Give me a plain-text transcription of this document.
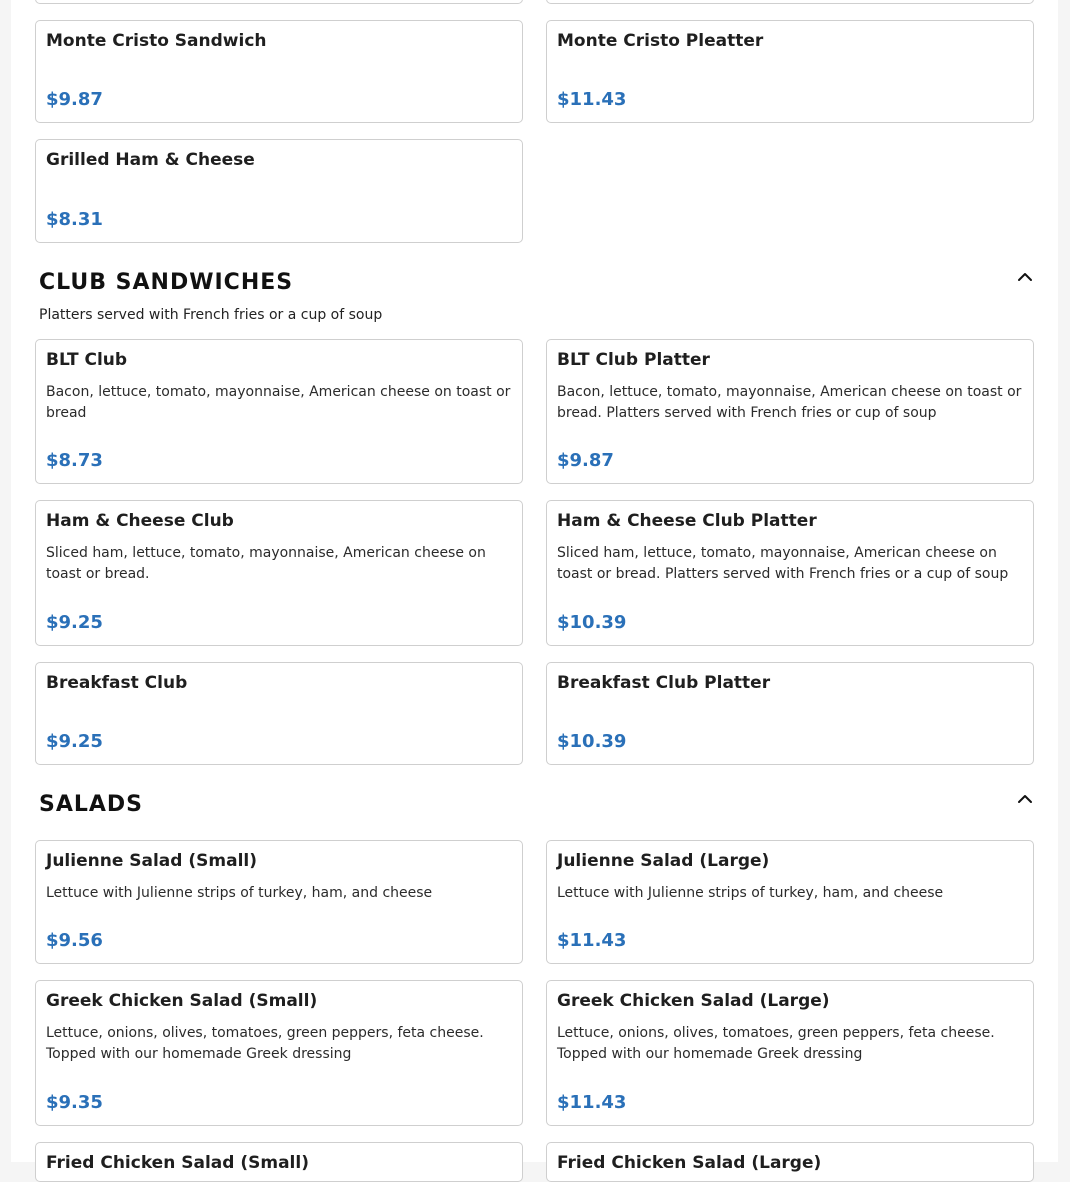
Monte Cristo Sandwich
$9.87
Monte Cristo Pleatter
$11.43
Grilled Ham & Cheese
$8.31
CLUB SANDWICHES
Platters served with French fries or a cup of soup
BLT Club
Bacon, lettuce, tomato, mayonnaise, American cheese on toast or bread
$8.73
BLT Club Platter
Bacon, lettuce, tomato, mayonnaise, American cheese on toast or bread. Platters served with French fries or cup of soup
$9.87
Ham & Cheese Club
Sliced ham, lettuce, tomato, mayonnaise, American cheese on toast or bread.
$9.25
Ham & Cheese Club Platter
Sliced ham, lettuce, tomato, mayonnaise, American cheese on toast or bread. Platters served with French fries or a cup of soup
$10.39
Breakfast Club
$9.25
Breakfast Club Platter
$10.39
SALADS
Julienne Salad (Small)
Lettuce with Julienne strips of turkey, ham, and cheese
$9.56
Julienne Salad (Large)
Lettuce with Julienne strips of turkey, ham, and cheese
$11.43
Greek Chicken Salad (Small)
Lettuce, onions, olives, tomatoes, green peppers, feta cheese. Topped with our homemade Greek dressing
$9.35
Greek Chicken Salad (Large)
Lettuce, onions, olives, tomatoes, green peppers, feta cheese. Topped with our homemade Greek dressing
$11.43
Fried Chicken Salad (Small)	Fried Chicken Salad (Large)
